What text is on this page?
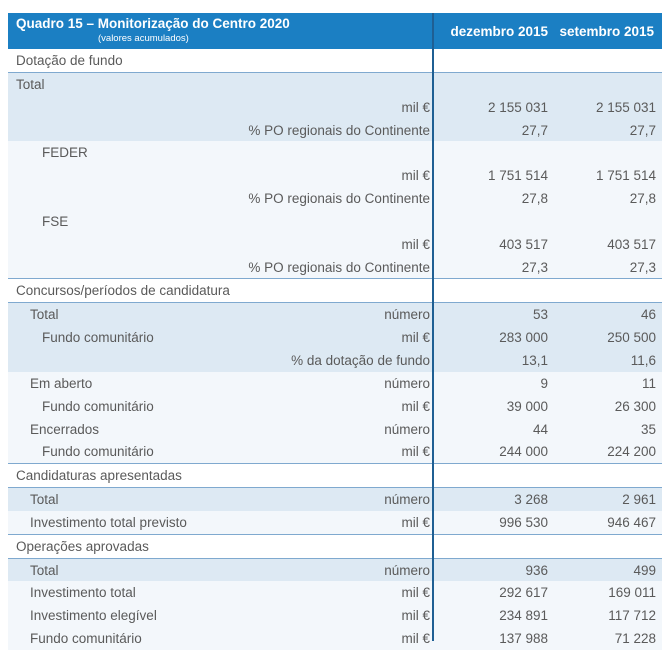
Quadro 15 – Monitorização do Centro 2020
(valores acumulados)	dezembro 2015 setembro 2015
Dotação de fundo
Total
mil €	2 155 031	2 155 031
% PO regionais do Continente	27,7	27,7
FEDER
mil €	1 751 514	1 751 514
% PO regionais do Continente	27,8	27,8
FSE
mil €	403 517	403 517
% PO regionais do Continente	27,3	27,3
Concursos/períodos de candidatura
Total	número	53	46
Fundo comunitário	mil €	283 000	250 500
% da dotação de fundo	13,1	11,6
Em aberto	número	9	11
Fundo comunitário	mil €	39 000	26 300
Encerrados	número	44	35
Fundo comunitário	mil €	244 000	224 200
Candidaturas apresentadas
Total	número	3 268	2 961
Investimento total previsto	mil €	996 530	946 467
Operações aprovadas
Total	número	936	499
Investimento total	mil €	292 617	169 011
Investimento elegível	mil €	234 891	117 712
Fundo comunitário	mil €	137 988	71 228
